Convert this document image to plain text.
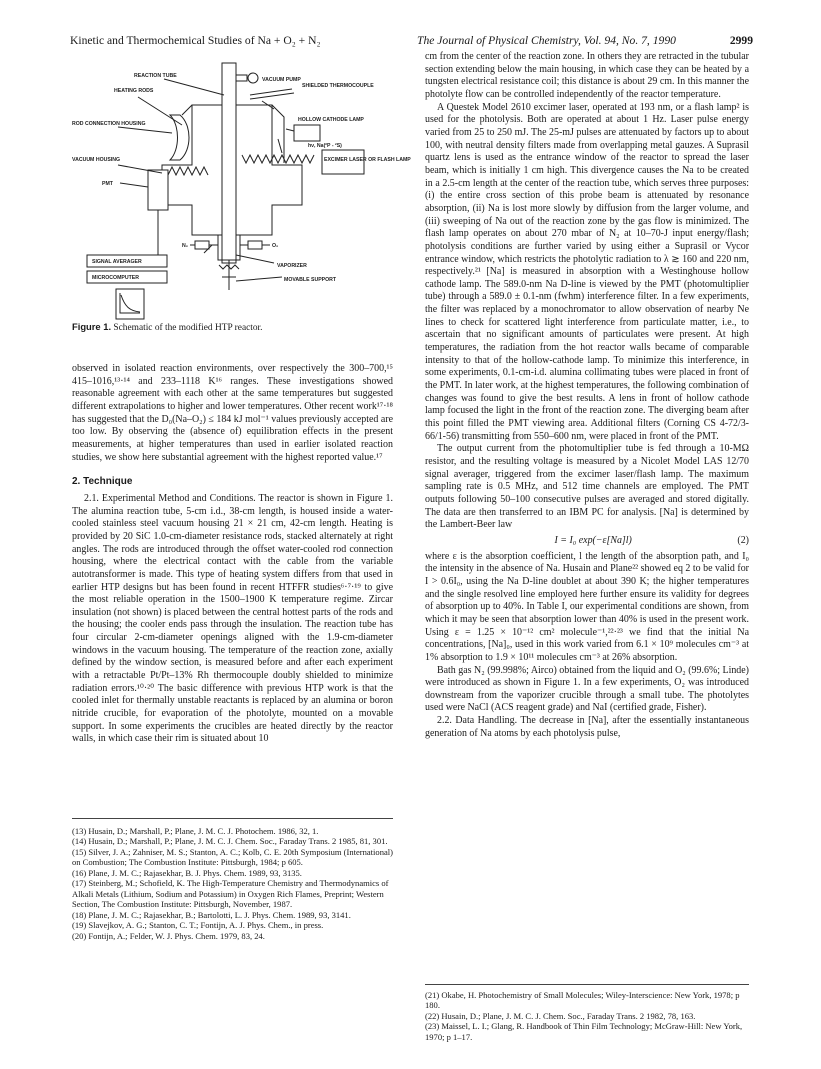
Kinetic and Thermochemical Studies of Na + O₂ + N₂	The Journal of Physical Chemistry, Vol. 94, No. 7, 1990	2999
REACTION TUBE
HEATING RODS
ROD CONNECTION HOUSING
VACUUM PUMP
SHIELDED THERMOCOUPLE
HOLLOW CATHODE LAMP
hν, Na(²P - ²S)
VACUUM HOUSING	EXCIMER LASER OR FLASH LAMP
PMT
N₂	O₂
SIGNAL AVERAGER
MICROCOMPUTER
VAPORIZER
MOVABLE SUPPORT
Figure 1. Schematic of the modified HTP reactor.

observed in isolated reaction environments, over respectively the 300–700,¹⁵ 415–1016,¹³·¹⁴ and 233–1118 K¹⁶ ranges. These investigations showed reasonable agreement with each other at the same temperatures but suggested different extrapolations to higher and lower temperatures. Other recent work¹⁷·¹⁸ has suggested that the D₀(Na–O₂) ≤ 184 kJ mol⁻¹ values previously accepted are too low. By observing the (absence of) equilibration effects in the present measurements, at higher temperatures than used in earlier isolated reaction studies, we show here substantial agreement with the highest reported value.¹⁷

2. Technique

2.1. Experimental Method and Conditions. The reactor is shown in Figure 1. The alumina reaction tube, 5-cm i.d., 38-cm length, is housed inside a water-cooled stainless steel vacuum housing 21 × 21 cm, 42-cm length. Heating is provided by 20 SiC 1.0-cm-diameter resistance rods, stacked alternately at right angles. The rods are introduced through the offset water-cooled rod connection housing, where the electrical contact with the cable from the variable autotransformer is made. This type of heating system differs from that used in earlier HTP designs but has been found in recent HTFFR studies⁶·⁷·¹⁹ to give the most reliable operation in the 1500–1900 K temperature regime. Zircar insulation (not shown) is placed between the central hottest parts of the rods and the housing; the cooler ends pass through the insulation. The reaction tube has four circular 2-cm-diameter openings aligned with the 1.9-cm-diameter windows in the vacuum housing. The temperature of the reaction zone, axially defined by the window section, is measured before and after each experiment with a retractable Pt/Pt–13% Rh thermocouple doubly shielded to minimize radiation errors.¹⁰·²⁰ The basic difference with previous HTP work is that the cooled inlet for thermally unstable reactants is replaced by an alumina or boron nitride crucible, for evaporation of the photolyte, mounted on a movable support. In some experiments the crucibles are heated directly by the reactor walls, in which case their rim is situated about 10

(13) Husain, D.; Marshall, P.; Plane, J. M. C. J. Photochem. 1986, 32, 1.

(14) Husain, D.; Marshall, P.; Plane, J. M. C. J. Chem. Soc., Faraday Trans. 2 1985, 81, 301.

(15) Silver, J. A.; Zahniser, M. S.; Stanton, A. C.; Kolb, C. E. 20th Symposium (International) on Combustion; The Combustion Institute: Pittsburgh, 1984; p 605.

(16) Plane, J. M. C.; Rajasekhar, B. J. Phys. Chem. 1989, 93, 3135.

(17) Steinberg, M.; Schofield, K. The High-Temperature Chemistry and Thermodynamics of Alkali Metals (Lithium, Sodium and Potassium) in Oxygen Rich Flames, Preprint; Western Section, The Combustion Institute: Pittsburgh, November, 1987.

(18) Plane, J. M. C.; Rajasekhar, B.; Bartolotti, L. J. Phys. Chem. 1989, 93, 3141.

(19) Slavejkov, A. G.; Stanton, C. T.; Fontijn, A. J. Phys. Chem., in press.

(20) Fontijn, A.; Felder, W. J. Phys. Chem. 1979, 83, 24.

cm from the center of the reaction zone. In others they are retracted in the tubular section extending below the main housing, in which case they can be heated by a tungsten electrical resistance coil; this distance is about 29 cm. In this manner the photolyte flow can be controlled independently of the reactor temperature.

A Questek Model 2610 excimer laser, operated at 193 nm, or a flash lamp² is used for the photolysis. Both are operated at about 1 Hz. Laser pulse energy varied from 25 to 250 mJ. The 25-mJ pulses are attenuated by factors up to about 100, with neutral density filters made from overlapping metal gauzes. A Suprasil quartz lens is used as the entrance window of the reactor to spread the laser beam, which is initially 1 cm high. This divergence causes the Na to be created in a 2.5-cm length at the center of the reaction tube, which serves three purposes: (i) the entire cross section of this probe beam is attenuated by resonance absorption, (ii) Na is lost more slowly by diffusion from the larger volume, and (iii) sweeping of Na out of the reaction zone by the gas flow is minimized. The flash lamp operates on about 270 mbar of N₂ at 10–70-J input energy/flash; photolysis conditions are further varied by using either a Suprasil or Vycor entrance window, which restricts the photolytic radiation to λ ≳ 160 and 220 nm, respectively.²¹ [Na] is measured in absorption with a Westinghouse hollow cathode lamp. The 589.0-nm Na D-line is viewed by the PMT (photomultiplier tube) through a 589.0 ± 0.1-nm (fwhm) interference filter. In a few experiments, the filter was replaced by a monochromator to allow observation of nearby Ne lines to check for scattered light interference from particulate matter, i.e., to ascertain that no significant amounts of particulates were present. At high temperatures, the radiation from the hot reactor walls became of comparable intensity to that of the hollow-cathode lamp. To minimize this interference, in some experiments, 0.1-cm-i.d. alumina collimating tubes were placed in front of the PMT. In later work, at the highest temperatures, the following combination of changes was found to give the best results. A lens in front of hollow cathode lamp focused the light in the front of the reaction zone. The diverging beam after this point filled the PMT viewing area. Additional filters (Corning CS 4-72/3-66/1-56) transmitting from 550–600 nm, were placed in front of the PMT.

The output current from the photomultiplier tube is fed through a 10-MΩ resistor, and the resulting voltage is measured by a Nicolet Model LAS 12/70 signal averager, triggered from the excimer laser/flash lamp. The maximum sampling rate is 0.5 MHz, and 512 time channels are employed. The PMT outputs following 50–100 consecutive pulses are averaged and stored digitally. The data are then transferred to an IBM PC for analysis. [Na] is determined by the Lambert-Beer law

I = I₀ exp(−ε[Na]l)	(2)

where ε is the absorption coefficient, l the length of the absorption path, and I₀ the intensity in the absence of Na. Husain and Plane²² showed eq 2 to be valid for I > 0.6I₀, using the Na D-line doublet at about 390 K; the higher temperatures and the single resolved line employed here further ensure its validity for degrees of absorption up to 40%. In Table I, our experimental conditions are shown, from which it may be seen that absorption lower than 40% is used in the present work. Using ε = 1.25 × 10⁻¹² cm² molecule⁻¹,²²·²³ we find that the initial Na concentrations, [Na]₀, used in this work varied from 6.1 × 10⁹ molecules cm⁻³ at 1% absorption to 1.9 × 10¹¹ molecules cm⁻³ at 26% absorption.

Bath gas N₂ (99.998%; Airco) obtained from the liquid and O₂ (99.6%; Linde) were introduced as shown in Figure 1. In a few experiments, O₂ was introduced downstream from the vaporizer crucible through a small tube. The photolytes used were NaCl (ACS reagent grade) and NaI (certified grade, Fisher).

2.2. Data Handling. The decrease in [Na], after the essentially instantaneous generation of Na atoms by each photolysis pulse,

(21) Okabe, H. Photochemistry of Small Molecules; Wiley-Interscience: New York, 1978; p 180.

(22) Husain, D.; Plane, J. M. C. J. Chem. Soc., Faraday Trans. 2 1982, 78, 163.

(23) Maissel, L. I.; Glang, R. Handbook of Thin Film Technology; McGraw-Hill: New York, 1970; p 1–17.
